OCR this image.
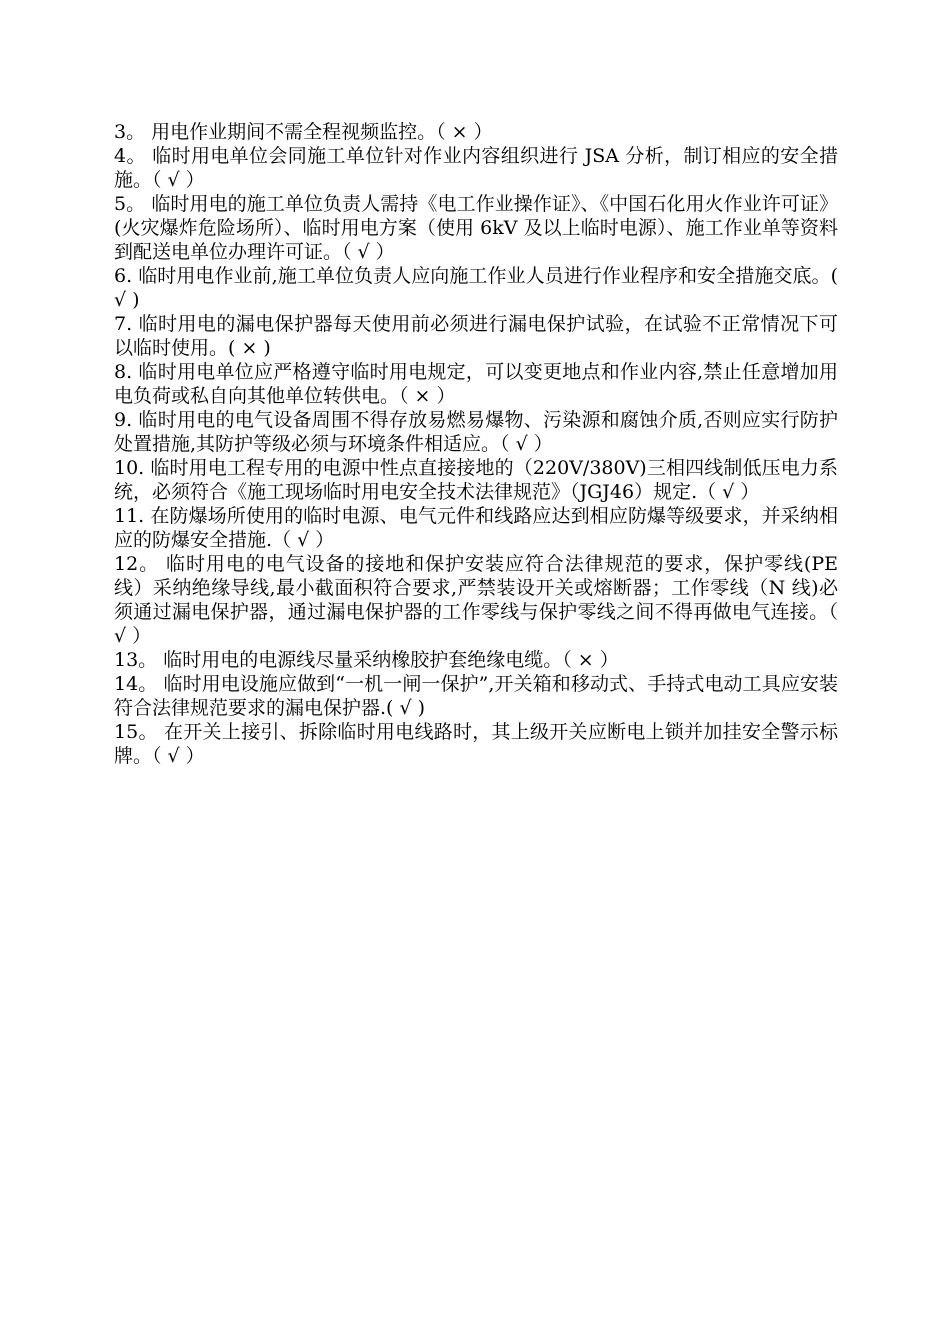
3。 用电作业期间不需全程视频监控。（ × ）

4。 临时用电单位会同施工单位针对作业内容组织进行 JSA 分析，制订相应的安全措施。（ √ ）

5。 临时用电的施工单位负责人需持《电工作业操作证》、《中国石化用火作业许可证》(火灾爆炸危险场所）、临时用电方案（使用 6kV 及以上临时电源）、施工作业单等资料到配送电单位办理许可证。（ √ ）

6. 临时用电作业前,施工单位负责人应向施工作业人员进行作业程序和安全措施交底。( √ )

7. 临时用电的漏电保护器每天使用前必须进行漏电保护试验，在试验不正常情况下可以临时使用。( × )

8. 临时用电单位应严格遵守临时用电规定，可以变更地点和作业内容,禁止任意增加用电负荷或私自向其他单位转供电。（ × ）

9. 临时用电的电气设备周围不得存放易燃易爆物、污染源和腐蚀介质,否则应实行防护处置措施,其防护等级必须与环境条件相适应。（ √ ）

10. 临时用电工程专用的电源中性点直接接地的（220V/380V)三相四线制低压电力系统，必须符合《施工现场临时用电安全技术法律规范》（JGJ46）规定.（ √ ）

11. 在防爆场所使用的临时电源、电气元件和线路应达到相应防爆等级要求，并采纳相应的防爆安全措施.（ √ ）

12。 临时用电的电气设备的接地和保护安装应符合法律规范的要求，保护零线(PE 线）采纳绝缘导线,最小截面积符合要求,严禁装设开关或熔断器；工作零线（N 线)必须通过漏电保护器，通过漏电保护器的工作零线与保护零线之间不得再做电气连接。（ √ ）

13。 临时用电的电源线尽量采纳橡胶护套绝缘电缆。（ × ）

14。 临时用电设施应做到“一机一闸一保护”,开关箱和移动式、手持式电动工具应安装符合法律规范要求的漏电保护器.( √ )

15。 在开关上接引、拆除临时用电线路时，其上级开关应断电上锁并加挂安全警示标牌。（ √ ）
